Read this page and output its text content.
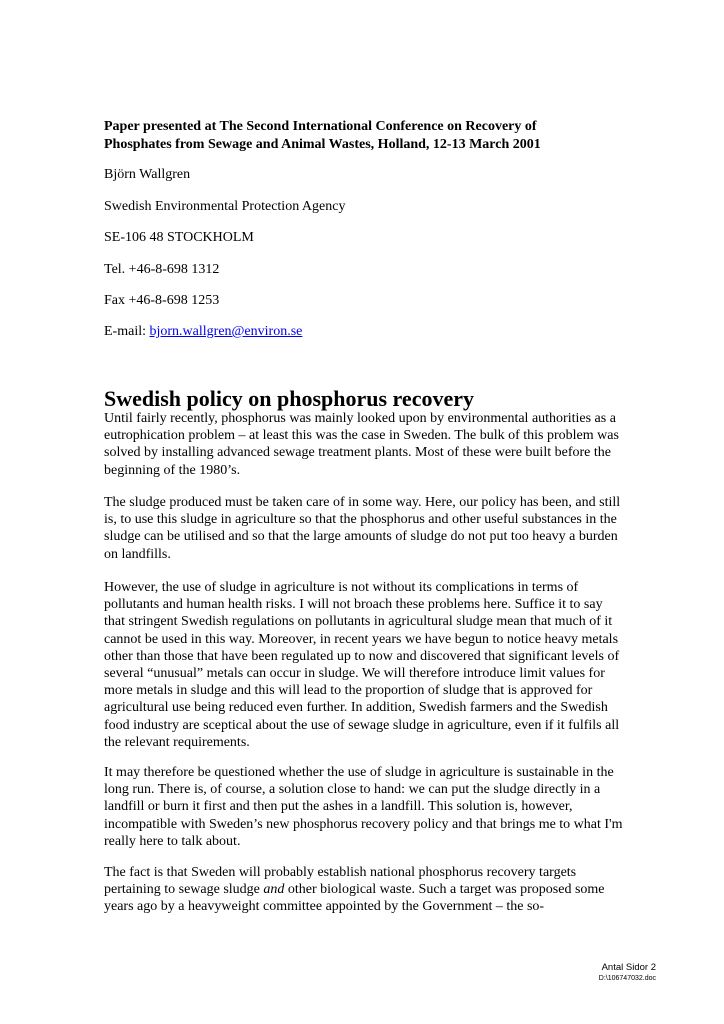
Paper presented at The Second International Conference on Recovery of
Phosphates from Sewage and Animal Wastes, Holland, 12-13 March 2001
Björn Wallgren
Swedish Environmental Protection Agency
SE-106 48 STOCKHOLM
Tel. +46-8-698 1312
Fax +46-8-698 1253
E-mail: bjorn.wallgren@environ.se
Swedish policy on phosphorus recovery

Until fairly recently, phosphorus was mainly looked upon by environmental authorities as a eutrophication problem – at least this was the case in Sweden. The bulk of this problem was solved by installing advanced sewage treatment plants. Most of these were built before the beginning of the 1980’s.

The sludge produced must be taken care of in some way. Here, our policy has been, and still is, to use this sludge in agriculture so that the phosphorus and other useful substances in the sludge can be utilised and so that the large amounts of sludge do not put too heavy a burden on landfills.

However, the use of sludge in agriculture is not without its complications in terms of pollutants and human health risks. I will not broach these problems here. Suffice it to say that stringent Swedish regulations on pollutants in agricultural sludge mean that much of it cannot be used in this way. Moreover, in recent years we have begun to notice heavy metals other than those that have been regulated up to now and discovered that significant levels of several “unusual” metals can occur in sludge. We will therefore introduce limit values for more metals in sludge and this will lead to the proportion of sludge that is approved for agricultural use being reduced even further. In addition, Swedish farmers and the Swedish food industry are sceptical about the use of sewage sludge in agriculture, even if it fulfils all the relevant requirements.

It may therefore be questioned whether the use of sludge in agriculture is sustainable in the long run. There is, of course, a solution close to hand: we can put the sludge directly in a landfill or burn it first and then put the ashes in a landfill. This solution is, however, incompatible with Sweden’s new phosphorus recovery policy and that brings me to what I'm really here to talk about.

The fact is that Sweden will probably establish national phosphorus recovery targets pertaining to sewage sludge and other biological waste. Such a target was proposed some years ago by a heavyweight committee appointed by the Government – the so-

Antal Sidor 2
D:\106747032.doc
